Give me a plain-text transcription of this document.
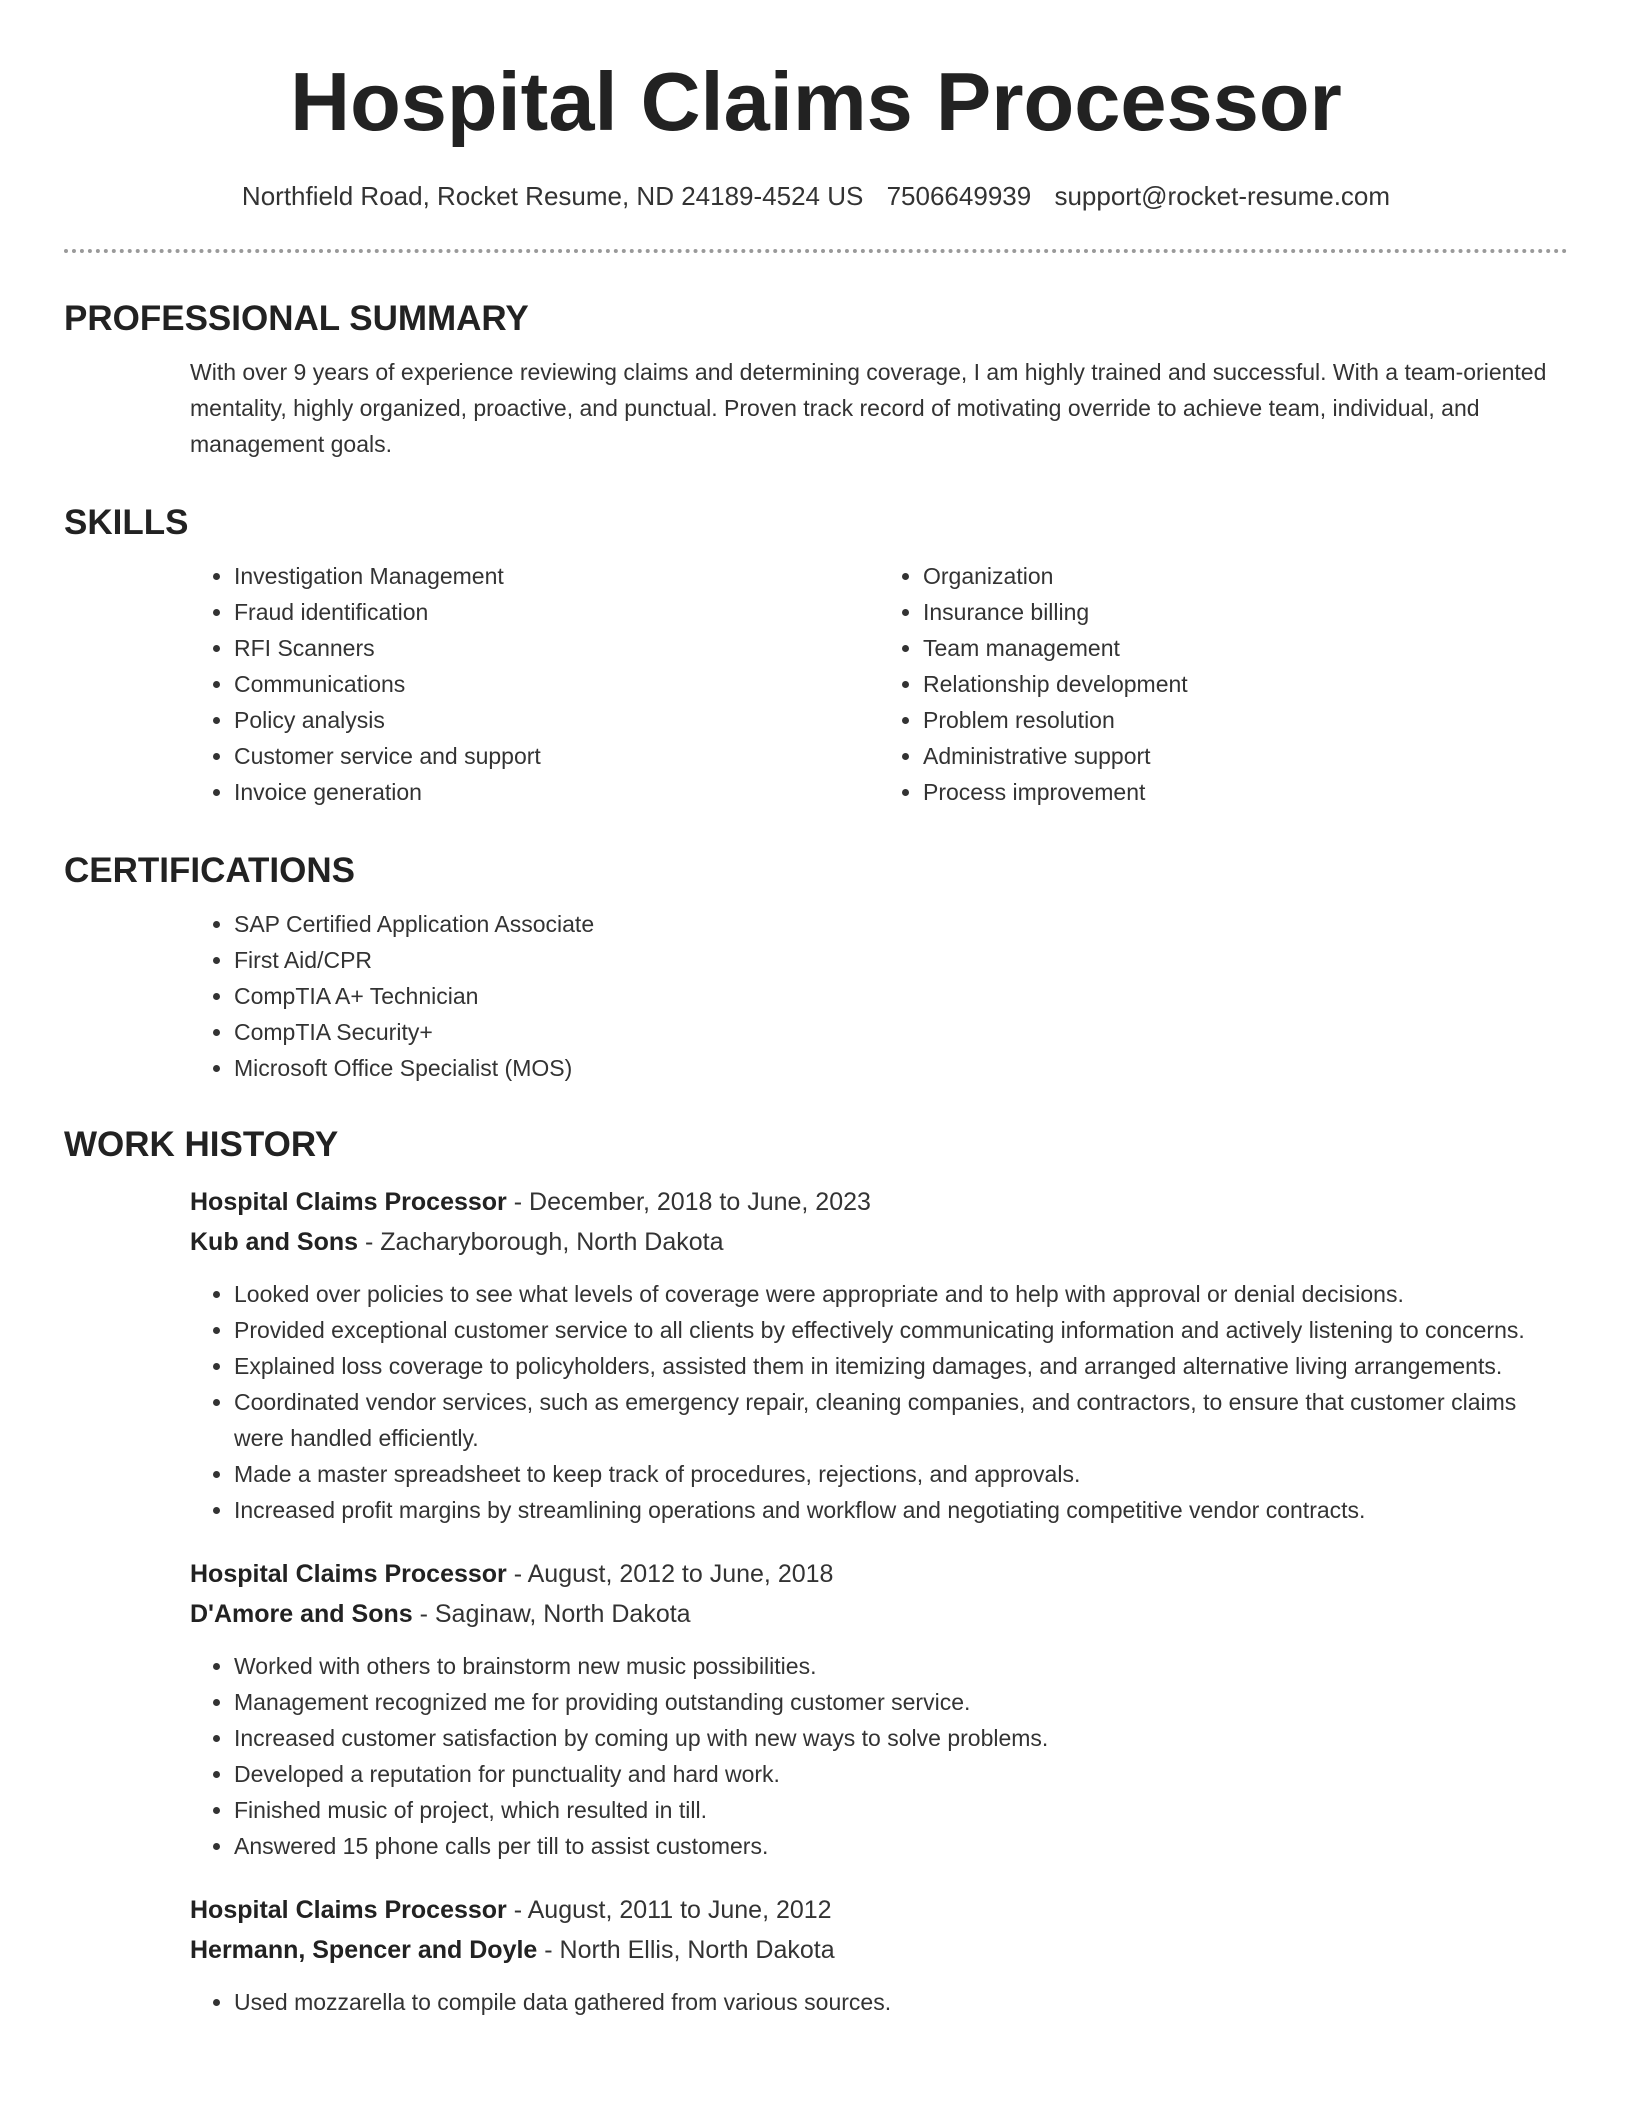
Hospital Claims Processor
Northfield Road, Rocket Resume, ND 24189-4524 US 7506649939 support@rocket-resume.com
PROFESSIONAL SUMMARY

With over 9 years of experience reviewing claims and determining coverage, I am highly trained and successful. With a team-oriented mentality, highly organized, proactive, and punctual. Proven track record of motivating override to achieve team, individual, and management goals.

SKILLS
• Investigation Management
• Fraud identification
• RFI Scanners
• Communications
• Policy analysis
• Customer service and support
• Invoice generation
• Organization
• Insurance billing
• Team management
• Relationship development
• Problem resolution
• Administrative support
• Process improvement
CERTIFICATIONS
• SAP Certified Application Associate
• First Aid/CPR
• CompTIA A+ Technician
• CompTIA Security+
• Microsoft Office Specialist (MOS)
WORK HISTORY
Hospital Claims Processor - December, 2018 to June, 2023
Kub and Sons - Zacharyborough, North Dakota
• Looked over policies to see what levels of coverage were appropriate and to help with approval or denial decisions.
• Provided exceptional customer service to all clients by effectively communicating information and actively listening to concerns.
• Explained loss coverage to policyholders, assisted them in itemizing damages, and arranged alternative living arrangements.
• Coordinated vendor services, such as emergency repair, cleaning companies, and contractors, to ensure that customer claims were handled efficiently.
• Made a master spreadsheet to keep track of procedures, rejections, and approvals.
• Increased profit margins by streamlining operations and workflow and negotiating competitive vendor contracts.
Hospital Claims Processor - August, 2012 to June, 2018
D'Amore and Sons - Saginaw, North Dakota
• Worked with others to brainstorm new music possibilities.
• Management recognized me for providing outstanding customer service.
• Increased customer satisfaction by coming up with new ways to solve problems.
• Developed a reputation for punctuality and hard work.
• Finished music of project, which resulted in till.
• Answered 15 phone calls per till to assist customers.
Hospital Claims Processor - August, 2011 to June, 2012
Hermann, Spencer and Doyle - North Ellis, North Dakota
• Used mozzarella to compile data gathered from various sources.
